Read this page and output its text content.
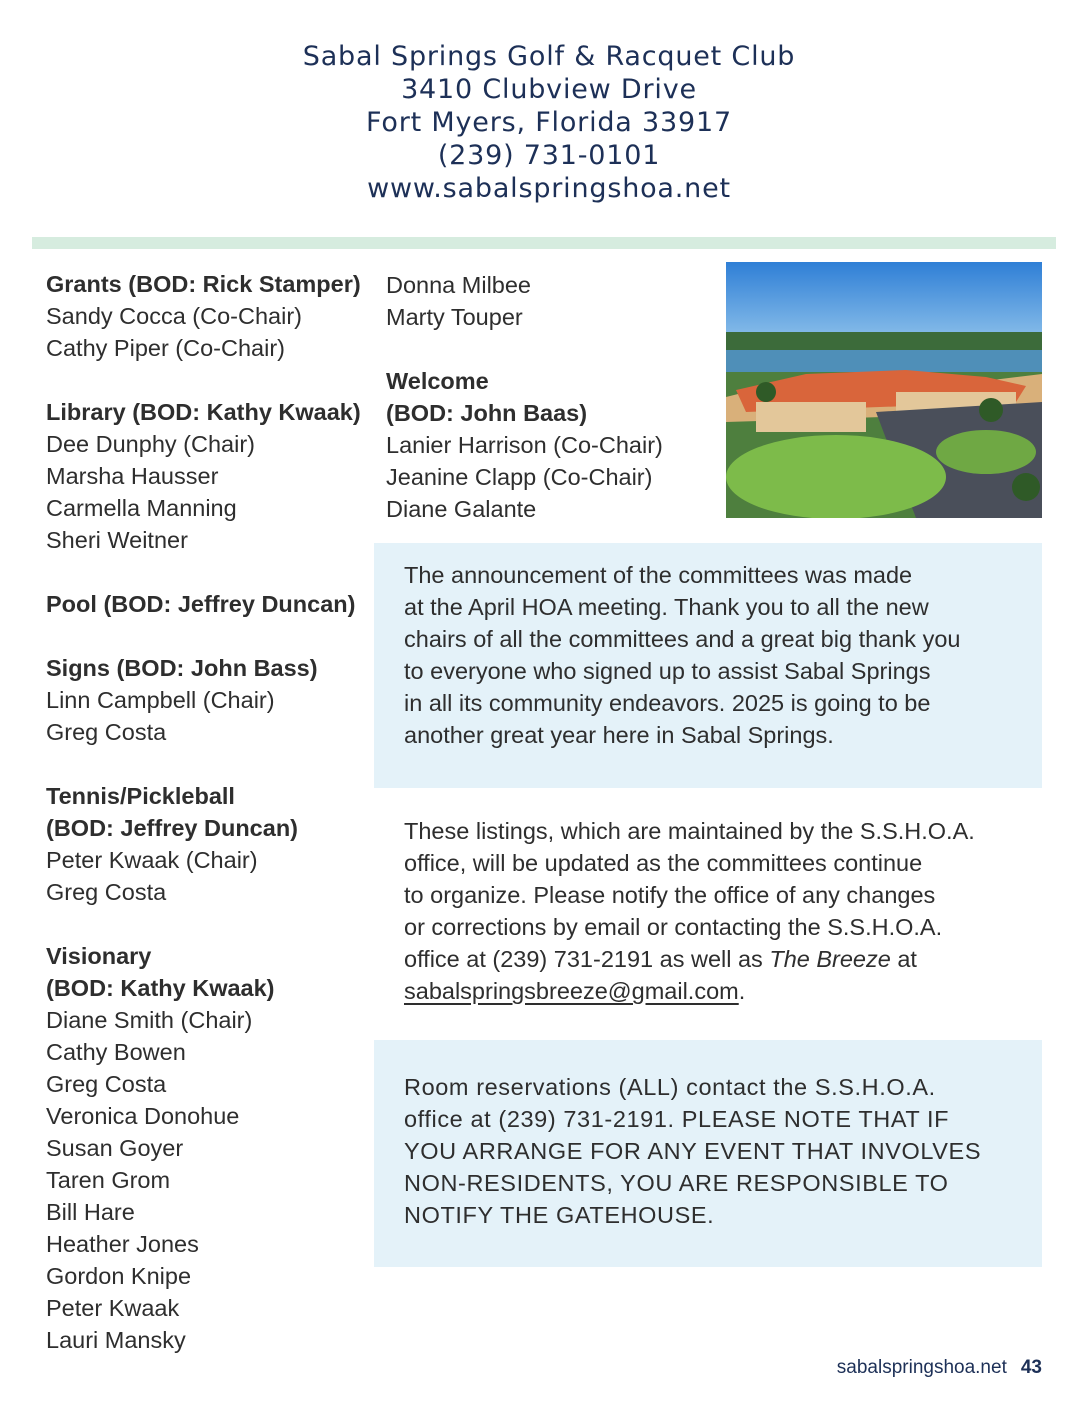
Sabal Springs Golf & Racquet Club
3410 Clubview Drive
Fort Myers, Florida 33917
(239) 731-0101
www.sabalspringshoa.net
Grants (BOD: Rick Stamper)
Sandy Cocca (Co-Chair)
Cathy Piper (Co-Chair)
Library (BOD: Kathy Kwaak)
Dee Dunphy (Chair)
Marsha Hausser
Carmella Manning
Sheri Weitner
Pool (BOD: Jeffrey Duncan)
Signs (BOD: John Bass)
Linn Campbell (Chair)
Greg Costa
Tennis/Pickleball
(BOD: Jeffrey Duncan)
Peter Kwaak (Chair)
Greg Costa
Visionary
(BOD: Kathy Kwaak)
Diane Smith (Chair)
Cathy Bowen
Greg Costa
Veronica Donohue
Susan Goyer
Taren Grom
Bill Hare
Heather Jones
Gordon Knipe
Peter Kwaak
Lauri Mansky
Donna Milbee
Marty Touper
Welcome
(BOD: John Baas)
Lanier Harrison (Co-Chair)
Jeanine Clapp (Co-Chair)
Diane Galante
The announcement of the committees was made
at the April HOA meeting. Thank you to all the new
chairs of all the committees and a great big thank you
to everyone who signed up to assist Sabal Springs
in all its community endeavors. 2025 is going to be
another great year here in Sabal Springs.
These listings, which are maintained by the S.S.H.O.A.
office, will be updated as the committees continue
to organize. Please notify the office of any changes
or corrections by email or contacting the S.S.H.O.A.
office at (239) 731-2191 as well as The Breeze at
sabalspringsbreeze@gmail.com.
Room reservations (ALL) contact the S.S.H.O.A.
office at (239) 731-2191. PLEASE NOTE THAT IF
YOU ARRANGE FOR ANY EVENT THAT INVOLVES
NON-RESIDENTS, YOU ARE RESPONSIBLE TO
NOTIFY THE GATEHOUSE.
sabalspringshoa.net 43
